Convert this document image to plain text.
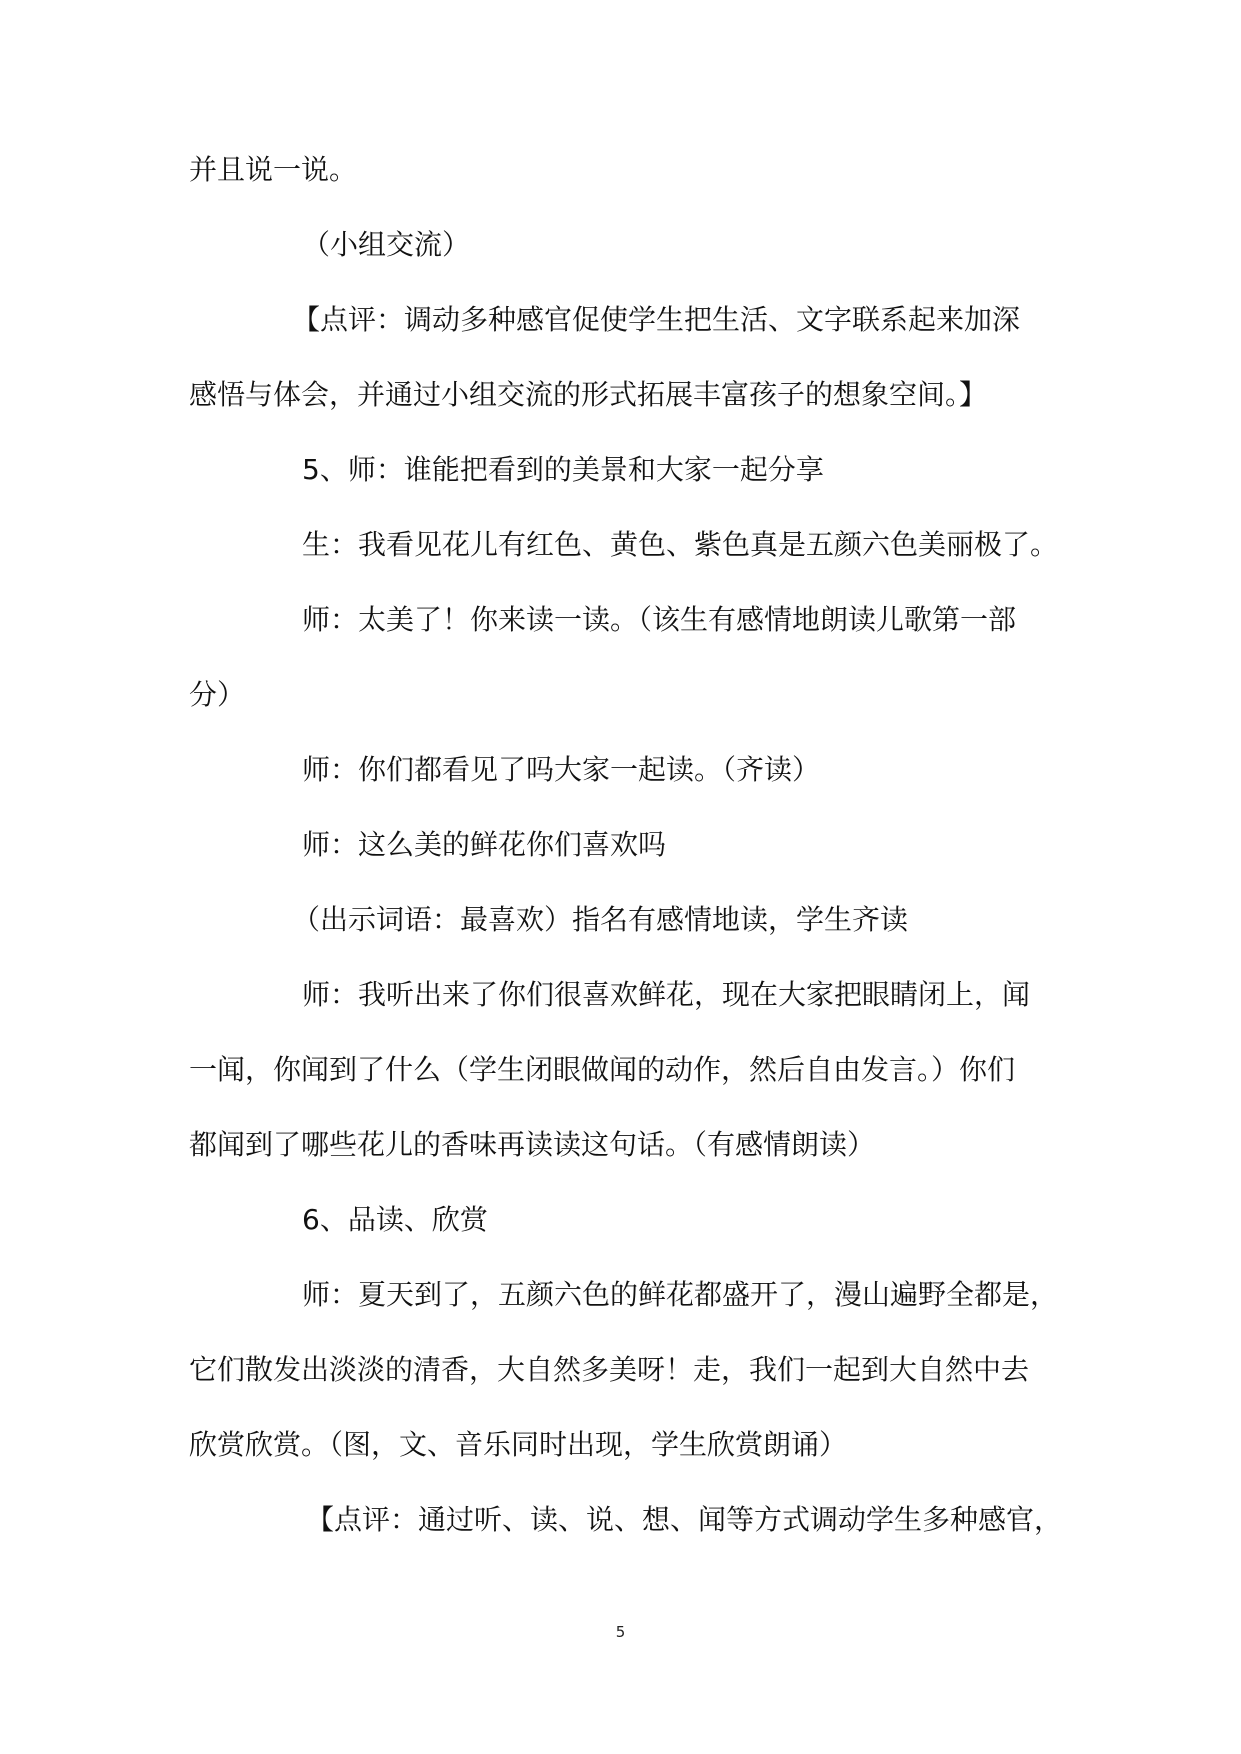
并且说一说。
（小组交流）
【点评：调动多种感官促使学生把生活、文字联系起来加深
感悟与体会，并通过小组交流的形式拓展丰富孩子的想象空间。】
5、师：谁能把看到的美景和大家一起分享
生：我看见花儿有红色、黄色、紫色真是五颜六色美丽极了。
师：太美了！你来读一读。（该生有感情地朗读儿歌第一部
分）
师：你们都看见了吗大家一起读。（齐读）
师：这么美的鲜花你们喜欢吗
（出示词语：最喜欢）指名有感情地读，学生齐读
师：我听出来了你们很喜欢鲜花，现在大家把眼睛闭上，闻
一闻，你闻到了什么（学生闭眼做闻的动作，然后自由发言。）你们
都闻到了哪些花儿的香味再读读这句话。（有感情朗读）
6、品读、欣赏
师：夏天到了，五颜六色的鲜花都盛开了，漫山遍野全都是，
它们散发出淡淡的清香，大自然多美呀！走，我们一起到大自然中去
欣赏欣赏。（图，文、音乐同时出现，学生欣赏朗诵）
【点评：通过听、读、说、想、闻等方式调动学生多种感官，
5
